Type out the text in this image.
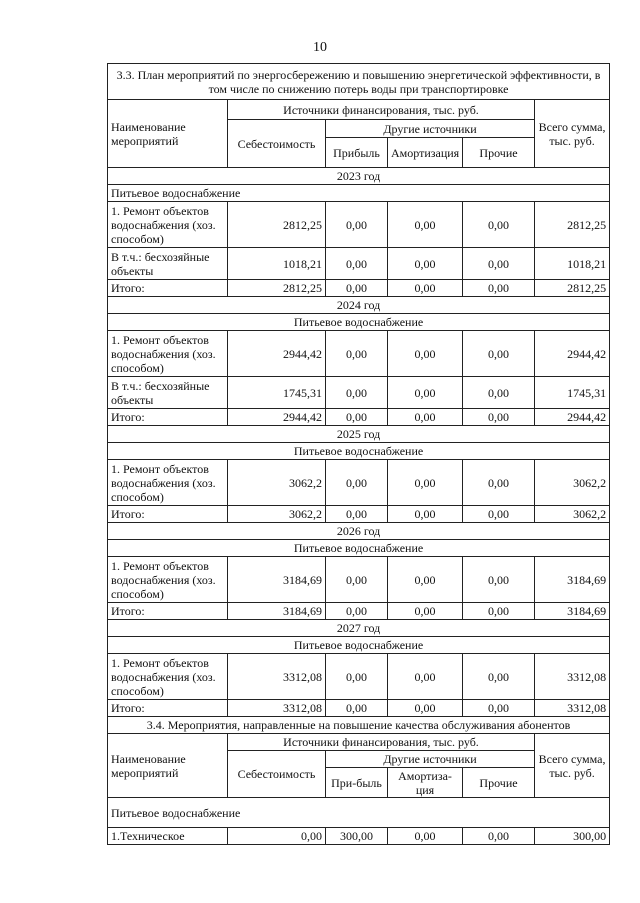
10
3.3. План мероприятий по энергосбережению и повышению энергетической эффективности, в том числе по снижению потерь воды при транспортировке					
Наименование мероприятий	Источники финансирования, тыс. руб.				Всего сумма, тыс. руб.
	Себестоимость	Другие источники			
		Прибыль	Амортизация	Прочие	
2023 год					
Питьевое водоснабжение					
1. Ремонт объектов водоснабжения (хоз. способом)	2812,25	0,00	0,00	0,00	2812,25
В т.ч.: бесхозяйные объекты	1018,21	0,00	0,00	0,00	1018,21
Итого:	2812,25	0,00	0,00	0,00	2812,25
2024 год					
Питьевое водоснабжение					
1. Ремонт объектов водоснабжения (хоз. способом)	2944,42	0,00	0,00	0,00	2944,42
В т.ч.: бесхозяйные объекты	1745,31	0,00	0,00	0,00	1745,31
Итого:	2944,42	0,00	0,00	0,00	2944,42
2025 год					
Питьевое водоснабжение					
1. Ремонт объектов водоснабжения (хоз. способом)	3062,2	0,00	0,00	0,00	3062,2
Итого:	3062,2	0,00	0,00	0,00	3062,2
2026 год					
Питьевое водоснабжение					
1. Ремонт объектов водоснабжения (хоз. способом)	3184,69	0,00	0,00	0,00	3184,69
Итого:	3184,69	0,00	0,00	0,00	3184,69
2027 год					
Питьевое водоснабжение					
1. Ремонт объектов водоснабжения (хоз. способом)	3312,08	0,00	0,00	0,00	3312,08
Итого:	3312,08	0,00	0,00	0,00	3312,08
3.4. Мероприятия, направленные на повышение качества обслуживания абонентов					
Наименование мероприятий	Источники финансирования, тыс. руб.				Всего сумма, тыс. руб.
	Себестоимость	Другие источники			
		При-быль	Амортиза-ция	Прочие	
Питьевое водоснабжение					
1.Техническое	0,00	300,00	0,00	0,00	300,00
